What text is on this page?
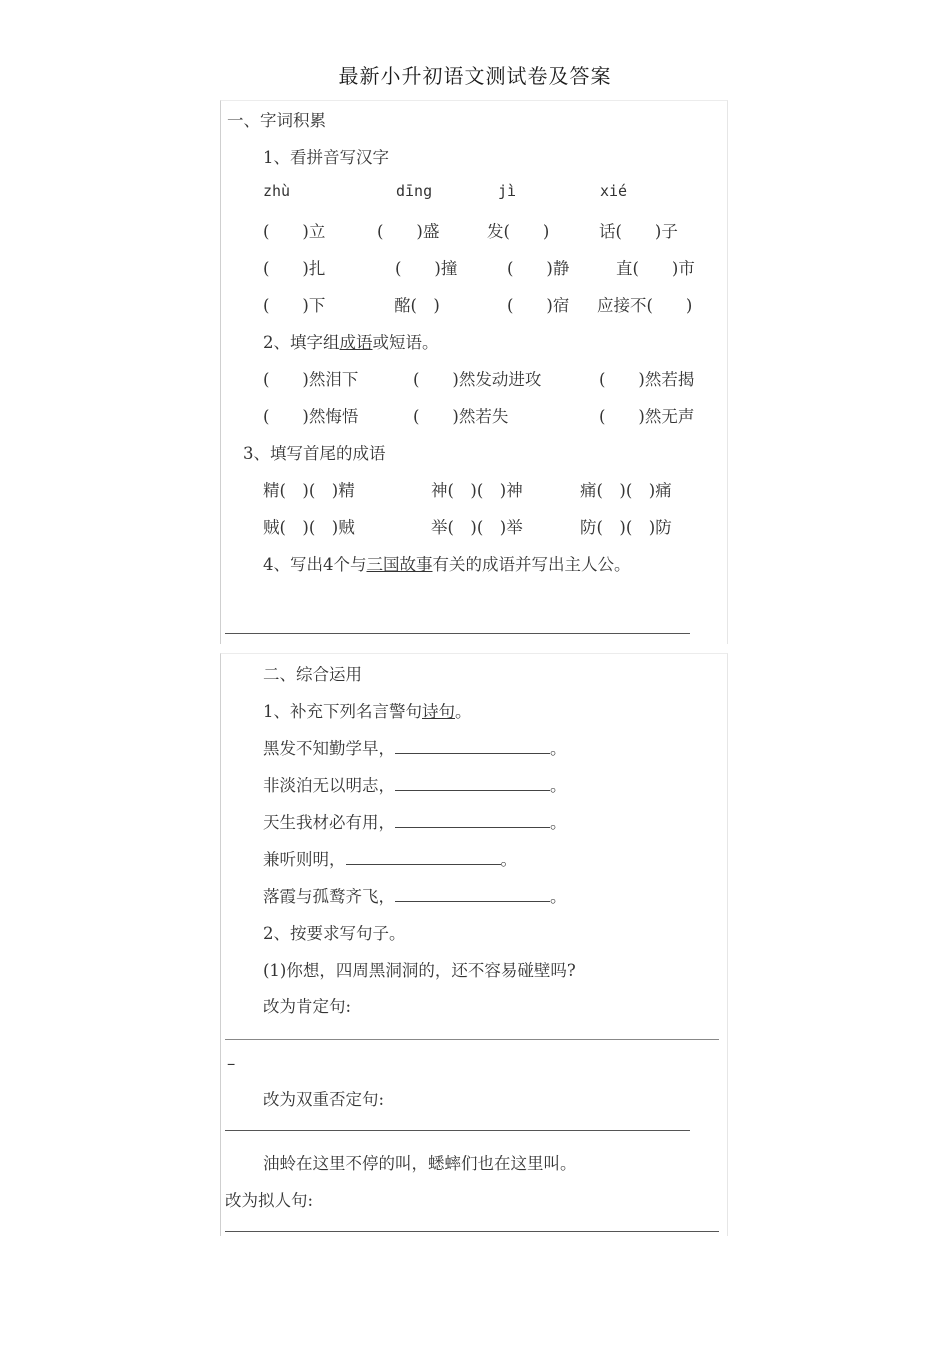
最新小升初语文测试卷及答案
一、字词积累
1、看拼音写汉字
zhù	dīng	jì	xié
(　　)立	(　　)盛	发(　　)	话(　　)子
(　　)扎	(　　)撞	(　　)静	直(　　)市
(　　)下	酩(　)	(　　)宿 应接不(　　)
2、填字组成语或短语。
(　　)然泪下	(　　)然发动进攻	(　　)然若揭
(　　)然悔悟	(　　)然若失	(　　)然无声
3、填写首尾的成语
精(　)(　)精	神(　)(　)神	痛(　)(　)痛
贼(　)(　)贼	举(　)(　)举	防(　)(　)防
4、写出4个与三国故事有关的成语并写出主人公。
二、综合运用
1、补充下列名言警句诗句。
黑发不知勤学早，	。
非淡泊无以明志，	。
天生我材必有用，	。
兼听则明，	。
落霞与孤鹜齐飞，	。
2、按要求写句子。
(1)你想，四周黑洞洞的，还不容易碰壁吗?
改为肯定句:
–
改为双重否定句:
油蛉在这里不停的叫，蟋蟀们也在这里叫。
改为拟人句:
